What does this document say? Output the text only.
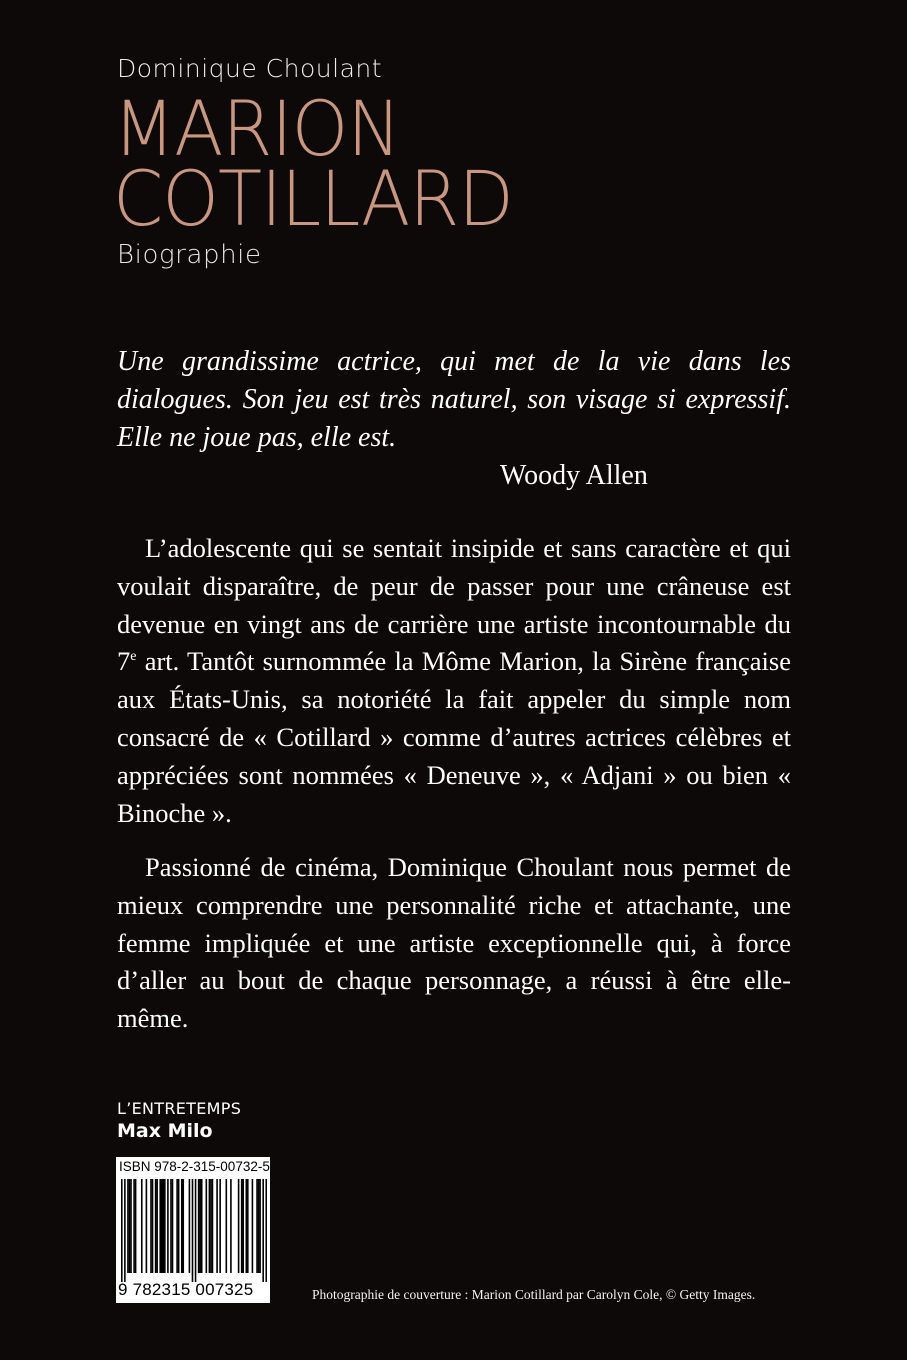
Dominique Choulant
MARION
COTILLARD
Biographie
Une grandissime actrice, qui met de la vie dans les dialogues. Son jeu est très naturel, son visage si expressif. Elle ne joue pas, elle est.
Woody Allen
L’adolescente qui se sentait insipide et sans caractère et qui voulait disparaître, de peur de passer pour une crâneuse est devenue en vingt ans de carrière une artiste incontournable du 7e art. Tantôt surnommée la Môme Marion, la Sirène française aux États-Unis, sa notoriété la fait appeler du simple nom consacré de « Cotillard » comme d’autres actrices célèbres et appréciées sont nommées « Deneuve », « Adjani » ou bien « Binoche ».
Passionné de cinéma, Dominique Choulant nous permet de mieux comprendre une personnalité riche et attachante, une femme impliquée et une artiste exceptionnelle qui, à force d’aller au bout de chaque personnage, a réussi à être elle-même.
L’ENTRETEMPS
Max Milo
ISBN 978-2-315-00732-5
9 782315 007325	Photographie de couverture : Marion Cotillard par Carolyn Cole, © Getty Images.
